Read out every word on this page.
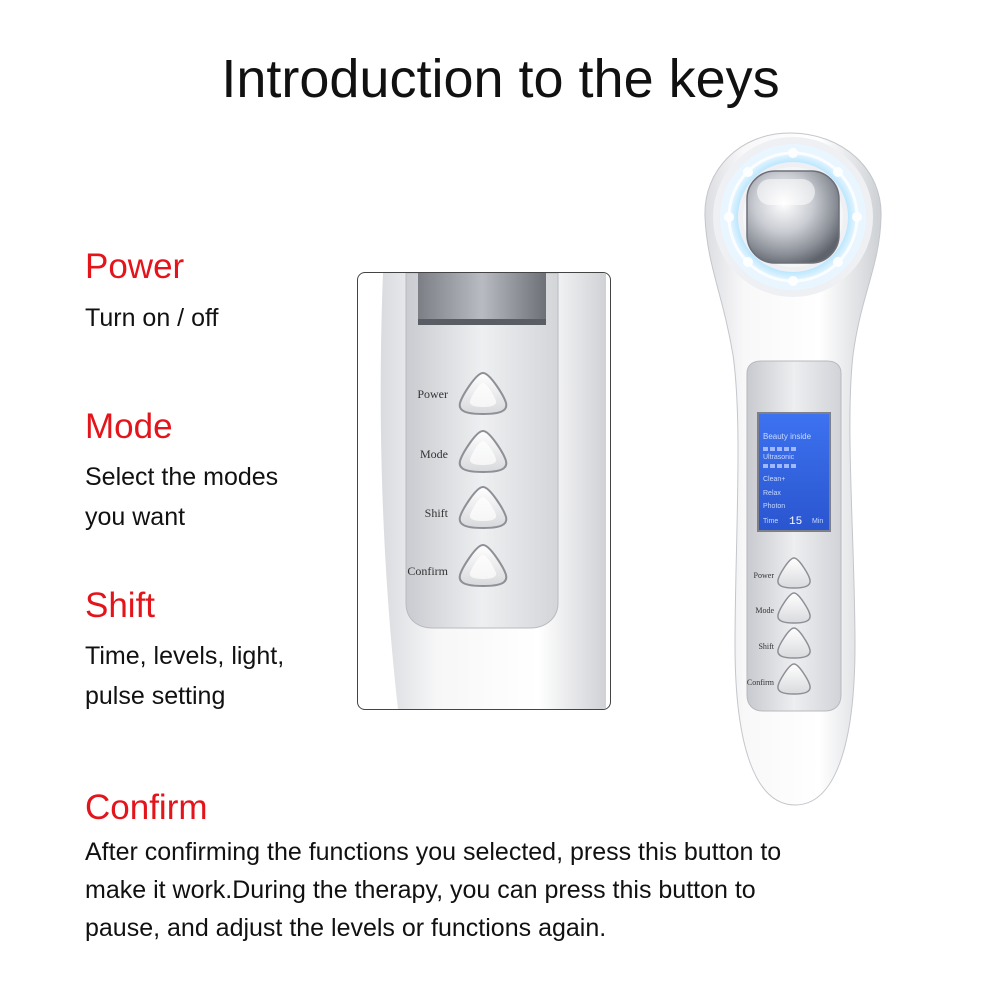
Introduction to the keys
Power
Turn on / off
Mode
Select the modes
you want
Shift
Time, levels, light,
pulse setting
Confirm
After confirming the functions you selected, press this button to
make it work.During the therapy, you can press this button to
pause, and adjust the levels or functions again.
Power
Mode
Shift
Confirm
Beauty inside
Ultrasonic
Clean+
Relax
Photon
Time 15 Min
Power
Mode
Shift
Confirm
